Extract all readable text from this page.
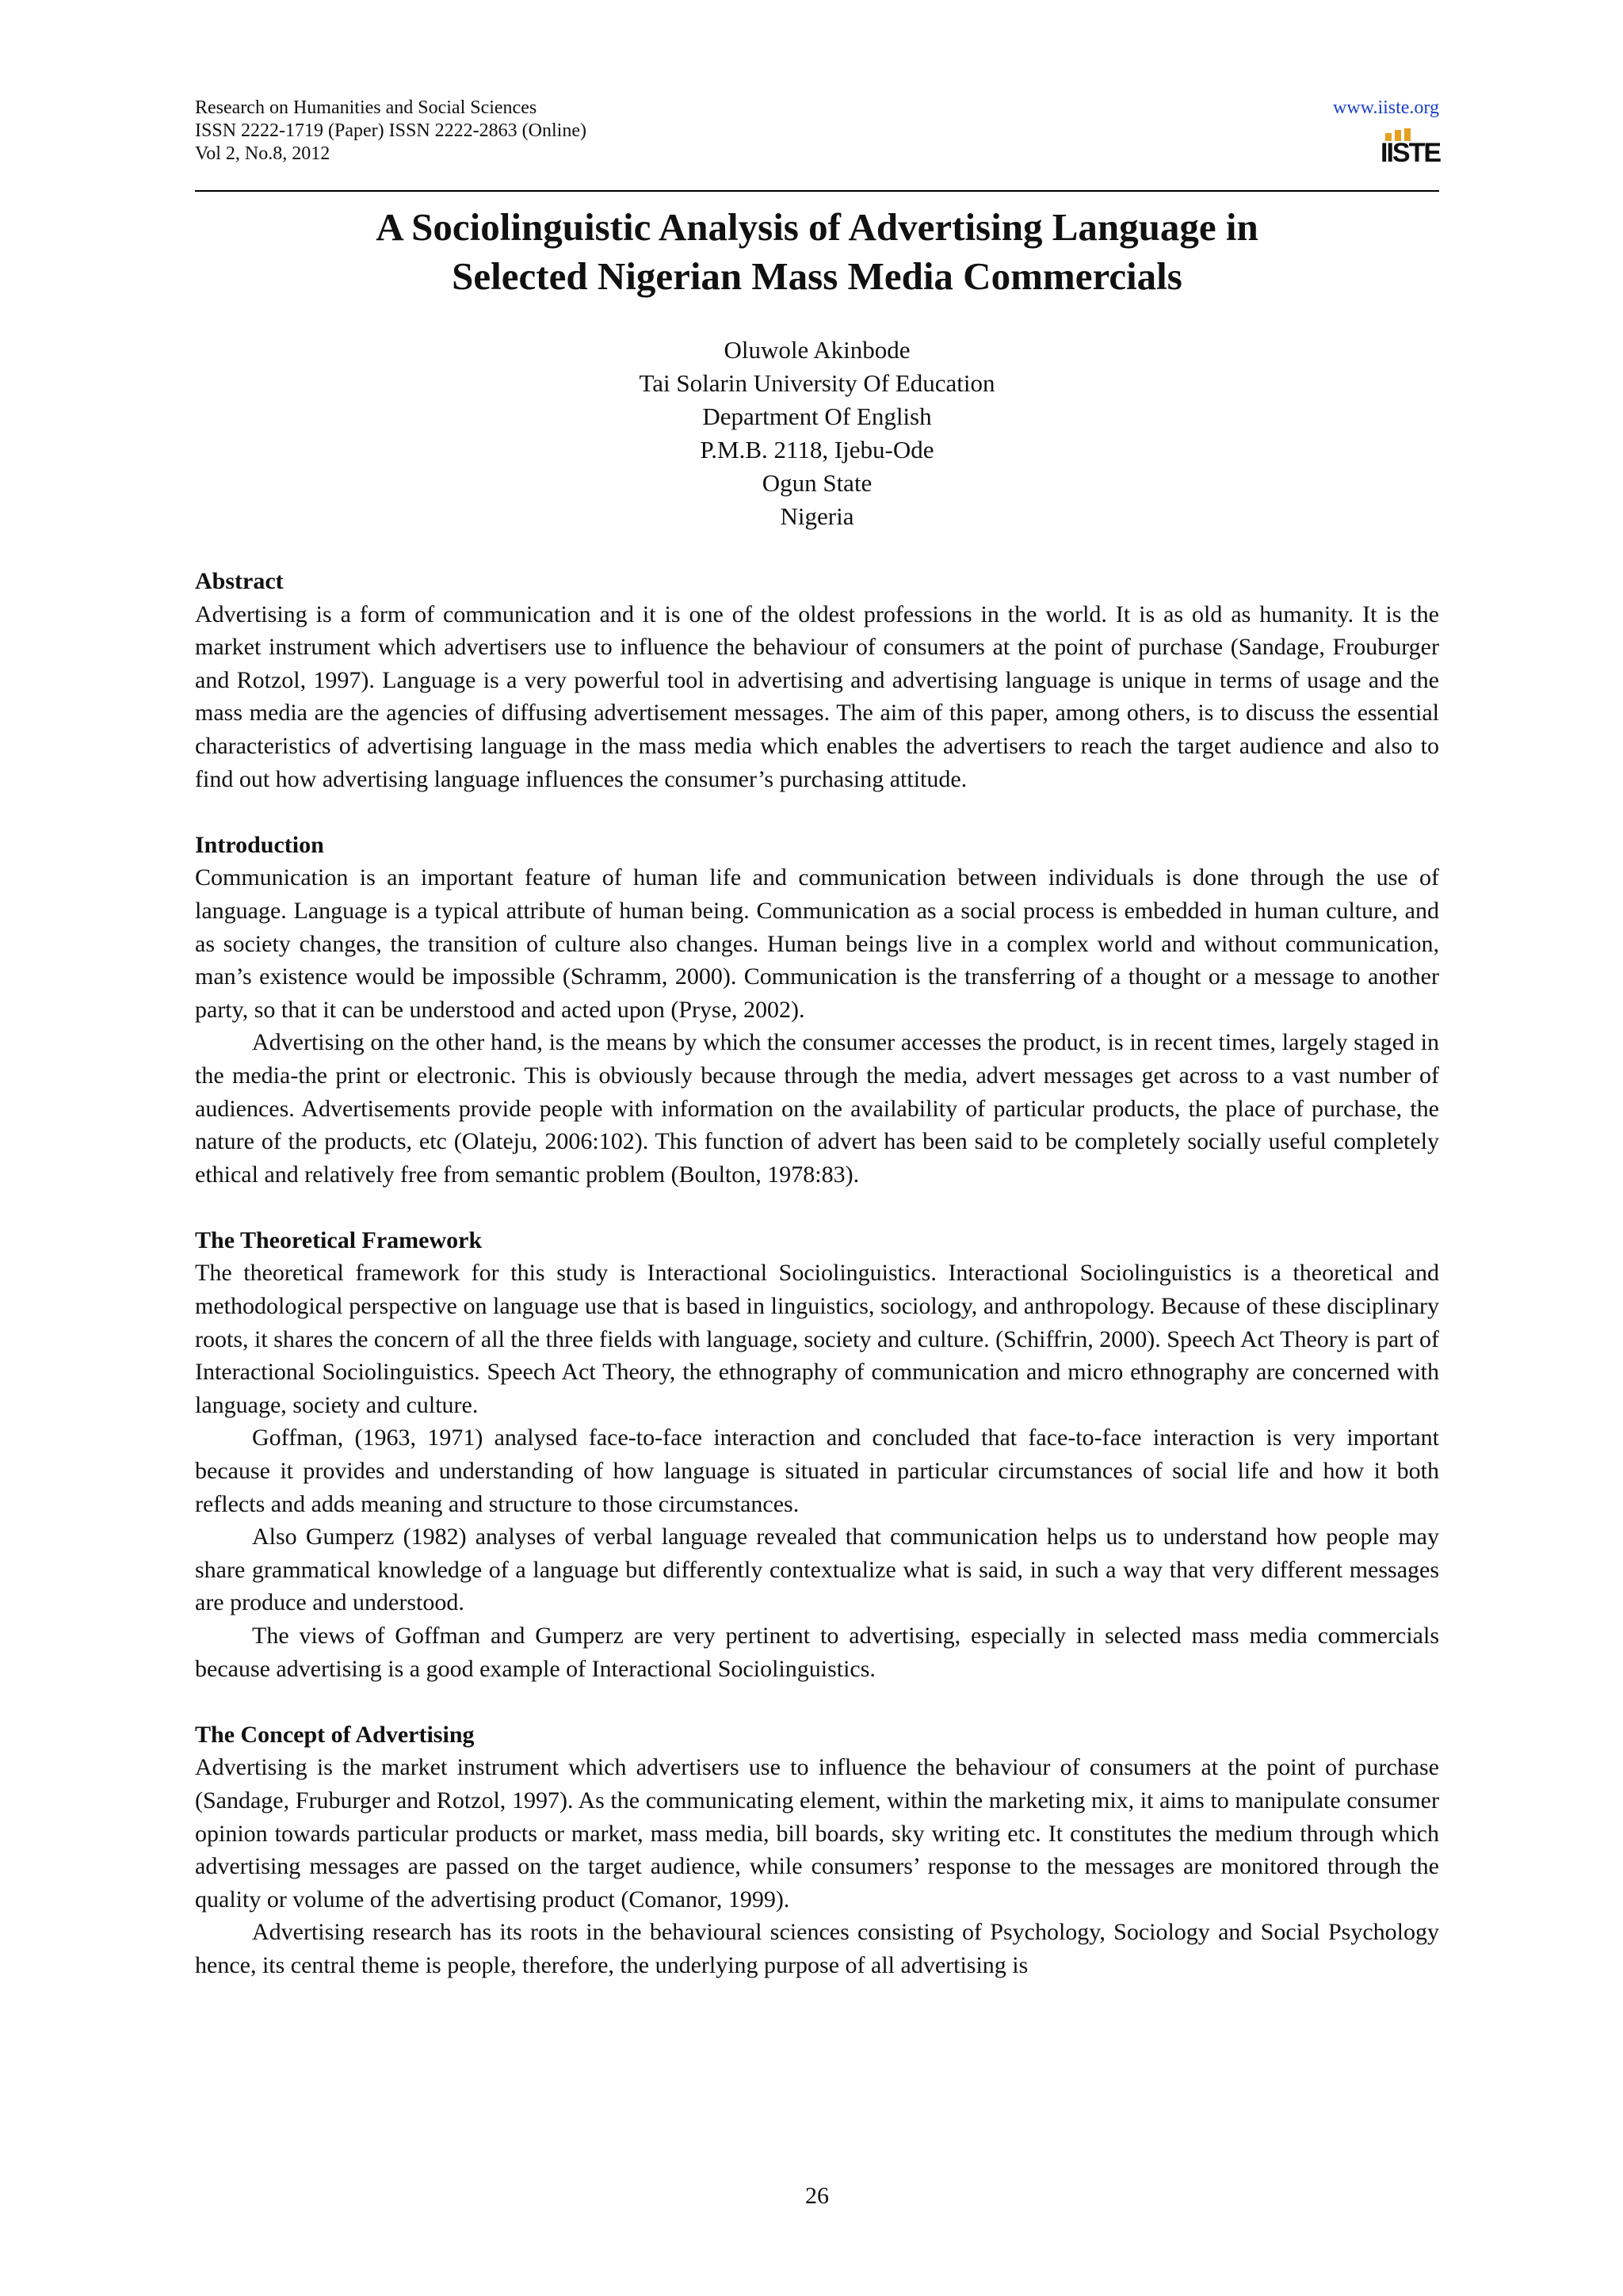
Research on Humanities and Social Sciences
ISSN 2222-1719 (Paper) ISSN 2222-2863 (Online)
Vol 2, No.8, 2012
www.iiste.org
IISTE
A Sociolinguistic Analysis of Advertising Language in
Selected Nigerian Mass Media Commercials
Oluwole Akinbode
Tai Solarin University Of Education
Department Of English
P.M.B. 2118, Ijebu-Ode
Ogun State
Nigeria
Abstract

Advertising is a form of communication and it is one of the oldest professions in the world. It is as old as humanity. It is the market instrument which advertisers use to influence the behaviour of consumers at the point of purchase (Sandage, Frouburger and Rotzol, 1997). Language is a very powerful tool in advertising and advertising language is unique in terms of usage and the mass media are the agencies of diffusing advertisement messages. The aim of this paper, among others, is to discuss the essential characteristics of advertising language in the mass media which enables the advertisers to reach the target audience and also to find out how advertising language influences the consumer’s purchasing attitude.

Introduction

Communication is an important feature of human life and communication between individuals is done through the use of language. Language is a typical attribute of human being. Communication as a social process is embedded in human culture, and as society changes, the transition of culture also changes. Human beings live in a complex world and without communication, man’s existence would be impossible (Schramm, 2000). Communication is the transferring of a thought or a message to another party, so that it can be understood and acted upon (Pryse, 2002).

Advertising on the other hand, is the means by which the consumer accesses the product, is in recent times, largely staged in the media-the print or electronic. This is obviously because through the media, advert messages get across to a vast number of audiences. Advertisements provide people with information on the availability of particular products, the place of purchase, the nature of the products, etc (Olateju, 2006:102). This function of advert has been said to be completely socially useful completely ethical and relatively free from semantic problem (Boulton, 1978:83).

The Theoretical Framework

The theoretical framework for this study is Interactional Sociolinguistics. Interactional Sociolinguistics is a theoretical and methodological perspective on language use that is based in linguistics, sociology, and anthropology. Because of these disciplinary roots, it shares the concern of all the three fields with language, society and culture. (Schiffrin, 2000). Speech Act Theory is part of Interactional Sociolinguistics. Speech Act Theory, the ethnography of communication and micro ethnography are concerned with language, society and culture.

Goffman, (1963, 1971) analysed face-to-face interaction and concluded that face-to-face interaction is very important because it provides and understanding of how language is situated in particular circumstances of social life and how it both reflects and adds meaning and structure to those circumstances.

Also Gumperz (1982) analyses of verbal language revealed that communication helps us to understand how people may share grammatical knowledge of a language but differently contextualize what is said, in such a way that very different messages are produce and understood.

The views of Goffman and Gumperz are very pertinent to advertising, especially in selected mass media commercials because advertising is a good example of Interactional Sociolinguistics.

The Concept of Advertising

Advertising is the market instrument which advertisers use to influence the behaviour of consumers at the point of purchase (Sandage, Fruburger and Rotzol, 1997). As the communicating element, within the marketing mix, it aims to manipulate consumer opinion towards particular products or market, mass media, bill boards, sky writing etc. It constitutes the medium through which advertising messages are passed on the target audience, while consumers’ response to the messages are monitored through the quality or volume of the advertising product (Comanor, 1999).

Advertising research has its roots in the behavioural sciences consisting of Psychology, Sociology and Social Psychology hence, its central theme is people, therefore, the underlying purpose of all advertising is

26
